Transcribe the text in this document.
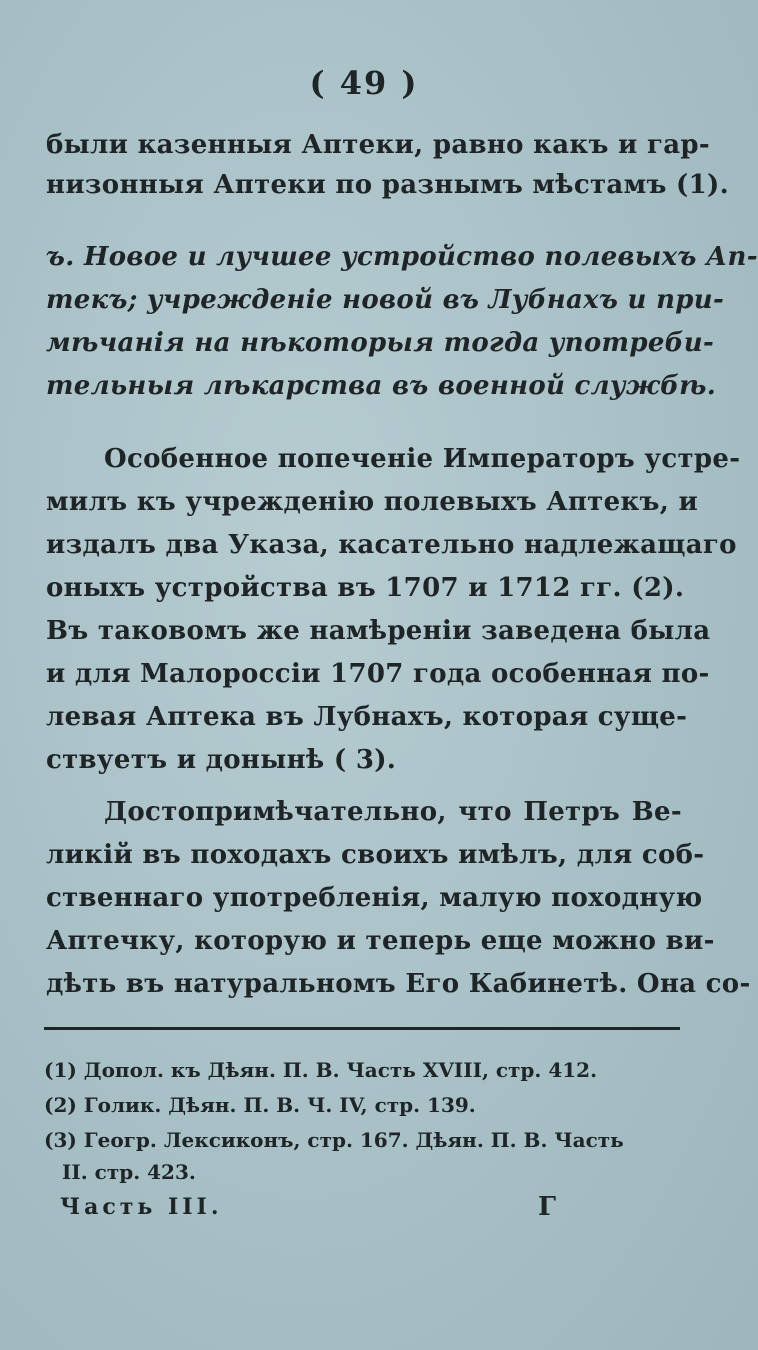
( 49 )
были казенныя Аптеки, равно какъ и гар-
низонныя Аптеки по разнымъ мѣстамъ (1).
ъ. Новое и лучшее устройство полевыхъ Ап-
текъ; учрежденіе новой въ Лубнахъ и при-
мѣчанія на нѣкоторыя тогда употреби-
тельныя лѣкарства въ военной службѣ.
Особенное попеченіе Императоръ устре-
милъ къ учрежденію полевыхъ Аптекъ, и
издалъ два Указа, касательно надлежащаго
оныхъ устройства въ 1707 и 1712 гг. (2).
Въ таковомъ же намѣреніи заведена была
и для Малороссіи 1707 года особенная по-
левая Аптека въ Лубнахъ, которая суще-
ствуетъ и донынѣ ( 3).
Достопримѣчательно, что Петръ Ве-
ликій въ походахъ своихъ имѣлъ, для соб-
ственнаго употребленія, малую походную
Аптечку, которую и теперь еще можно ви-
дѣть въ натуральномъ Его Кабинетѣ. Она со-
(1) Допол. къ Дѣян. П. В. Часть XVIII, стр. 412.
(2) Голик. Дѣян. П. В. Ч. IV, стр. 139.
(3) Геогр. Лексиконъ, стр. 167. Дѣян. П. В. Часть
II. стр. 423.
Часть III.	Г
